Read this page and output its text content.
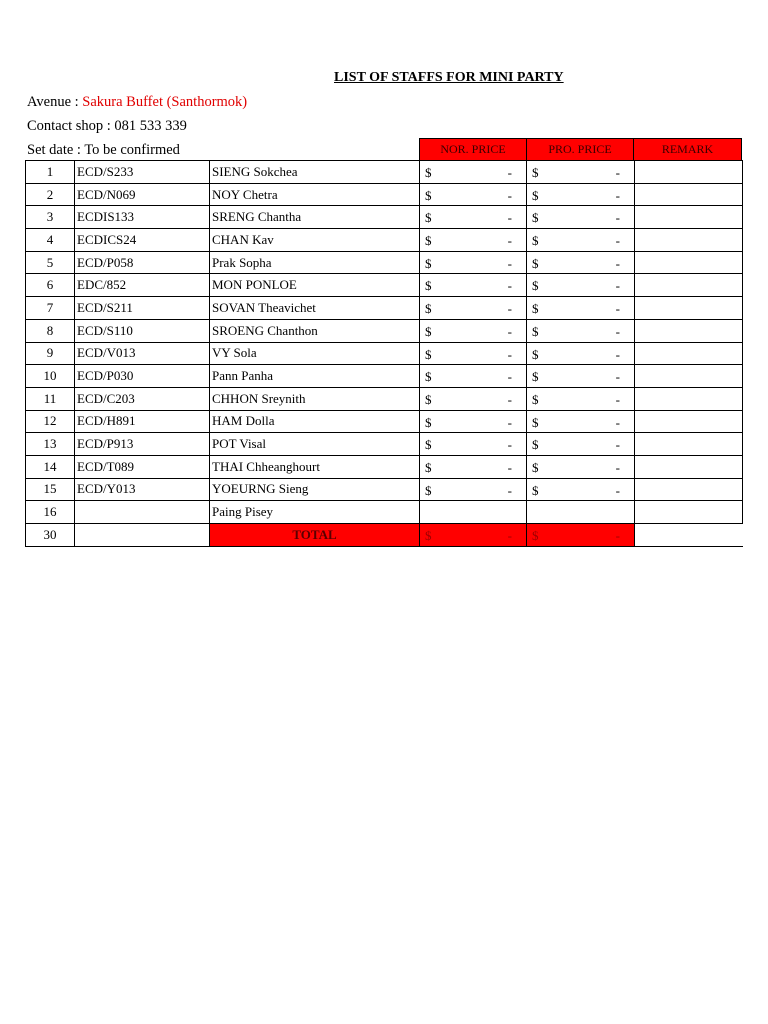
LIST OF STAFFS FOR MINI PARTY
Avenue : Sakura Buffet (Santhormok)
Contact shop : 081 533 339
Set date : To be confirmed	NOR. PRICE	PRO. PRICE	REMARK
1	ECD/S233	SIENG Sokchea	$ -	$ -	

2	ECD/N069	NOY Chetra	$ -	$ -	

3	ECDIS133	SRENG Chantha	$ -	$ -	

4	ECDICS24	CHAN Kav	$ -	$ -	

5	ECD/P058	Prak Sopha	$ -	$ -	

6	EDC/852	MON PONLOE	$ -	$ -	

7	ECD/S211	SOVAN Theavichet	$ -	$ -	

8	ECD/S110	SROENG Chanthon	$ -	$ -	

9	ECD/V013	VY Sola	$ -	$ -	

10	ECD/P030	Pann Panha	$ -	$ -	

11	ECD/C203	CHHON Sreynith	$ -	$ -	

12	ECD/H891	HAM Dolla	$ -	$ -	

13	ECD/P913	POT Visal	$ -	$ -	

14	ECD/T089	THAI Chheanghourt	$ -	$ -	

15	ECD/Y013	YOEURNG Sieng	$ -	$ -	

16		Paing Pisey	

30		TOTAL	$ -	$ -	
